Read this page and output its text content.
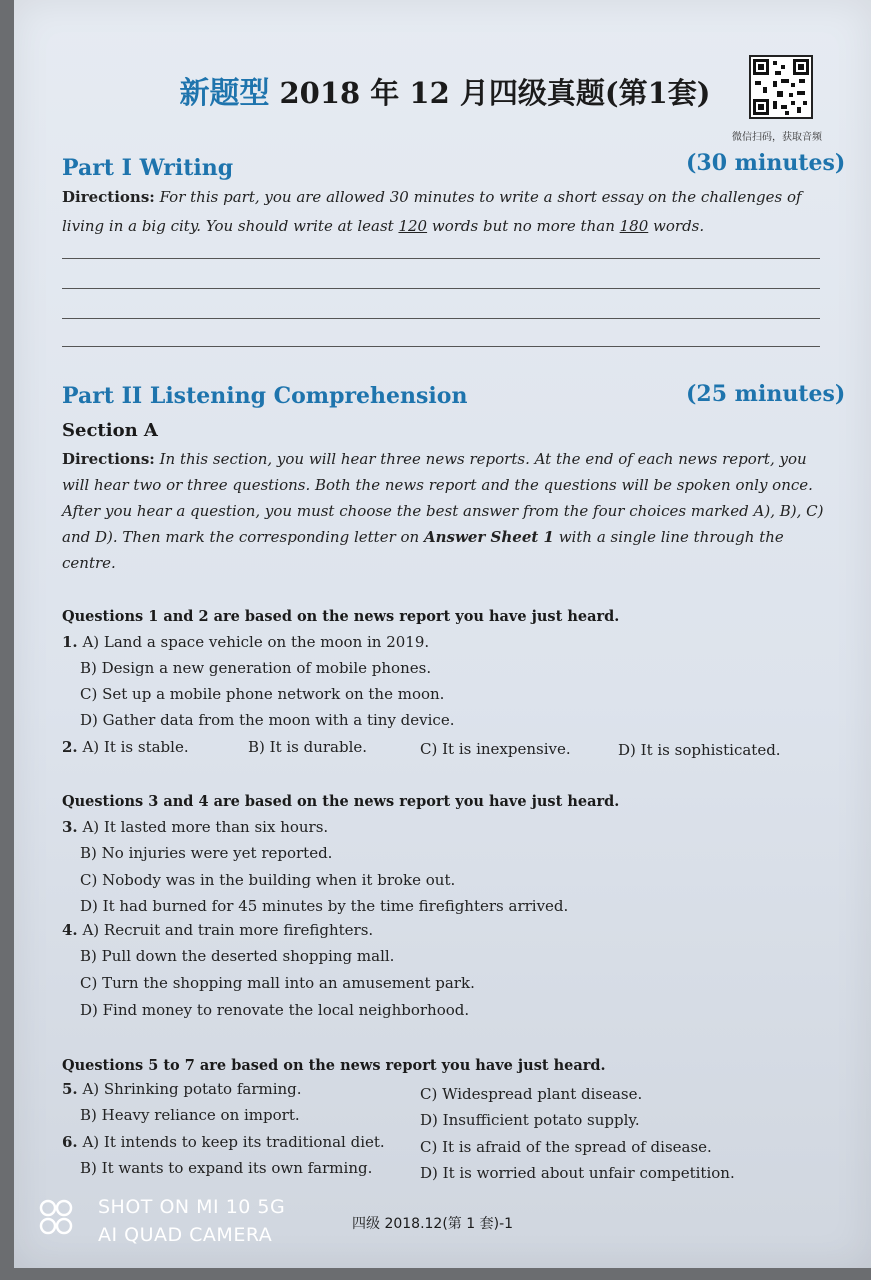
新题型 2018 年 12 月四级真题(第1套)
微信扫码，获取音频
Part I Writing	(30 minutes)
Directions: For this part, you are allowed 30 minutes to write a short essay on the challenges of living in a big city. You should write at least 120 words but no more than 180 words.
Part II Listening Comprehension	(25 minutes)
Section A
Directions: In this section, you will hear three news reports. At the end of each news report, you will hear two or three questions. Both the news report and the questions will be spoken only once. After you hear a question, you must choose the best answer from the four choices marked A), B), C) and D). Then mark the corresponding letter on Answer Sheet 1 with a single line through the centre.
Questions 1 and 2 are based on the news report you have just heard.
1. A) Land a space vehicle on the moon in 2019.
B) Design a new generation of mobile phones.
C) Set up a mobile phone network on the moon.
D) Gather data from the moon with a tiny device.
2. A) It is stable.	B) It is durable.	C) It is inexpensive.	D) It is sophisticated.
Questions 3 and 4 are based on the news report you have just heard.
3. A) It lasted more than six hours.
B) No injuries were yet reported.
C) Nobody was in the building when it broke out.
D) It had burned for 45 minutes by the time firefighters arrived.
4. A) Recruit and train more firefighters.
B) Pull down the deserted shopping mall.
C) Turn the shopping mall into an amusement park.
D) Find money to renovate the local neighborhood.
Questions 5 to 7 are based on the news report you have just heard.
5. A) Shrinking potato farming.	C) Widespread plant disease.
B) Heavy reliance on import.	D) Insufficient potato supply.
6. A) It intends to keep its traditional diet. C) It is afraid of the spread of disease.
B) It wants to expand its own farming.	D) It is worried about unfair competition.
SHOT ON MI 10 5G
AI QUAD CAMERA	四级 2018.12(第 1 套)-1
